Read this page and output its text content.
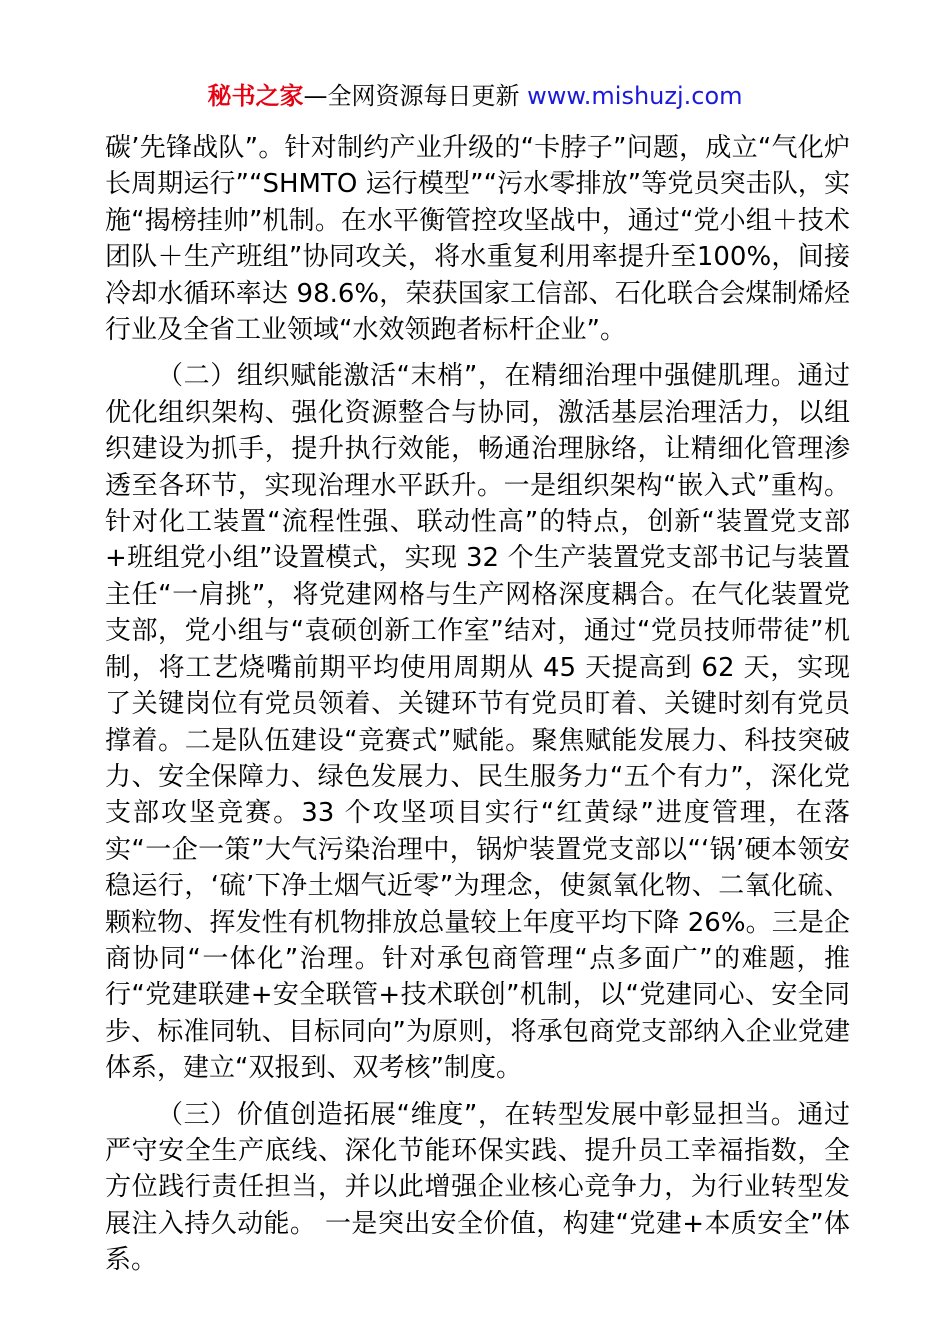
秘书之家—全网资源每日更新 www.mishuzj.com

碳’先锋战队”。针对制约产业升级的“卡脖子”问题，成立“气化炉长周期运行”“SHMTO 运行模型”“污水零排放”等党员突击队，实施“揭榜挂帅”机制。在水平衡管控攻坚战中，通过“党小组＋技术团队＋生产班组”协同攻关，将水重复利用率提升至100%，间接冷却水循环率达 98.6%，荣获国家工信部、石化联合会煤制烯烃行业及全省工业领域“水效领跑者标杆企业”。

（二）组织赋能激活“末梢”，在精细治理中强健肌理。通过优化组织架构、强化资源整合与协同，激活基层治理活力，以组织建设为抓手，提升执行效能，畅通治理脉络，让精细化管理渗透至各环节，实现治理水平跃升。一是组织架构“嵌入式”重构。针对化工装置“流程性强、联动性高”的特点，创新“装置党支部+班组党小组”设置模式，实现 32 个生产装置党支部书记与装置主任“一肩挑”，将党建网格与生产网格深度耦合。在气化装置党支部，党小组与“袁硕创新工作室”结对，通过“党员技师带徒”机制，将工艺烧嘴前期平均使用周期从 45 天提高到 62 天，实现了关键岗位有党员领着、关键环节有党员盯着、关键时刻有党员撑着。二是队伍建设“竞赛式”赋能。聚焦赋能发展力、科技突破力、安全保障力、绿色发展力、民生服务力“五个有力”，深化党支部攻坚竞赛。33 个攻坚项目实行“红黄绿”进度管理，在落实“一企一策”大气污染治理中，锅炉装置党支部以“‘锅’硬本领安稳运行，‘硫’下净土烟气近零”为理念，使氮氧化物、二氧化硫、颗粒物、挥发性有机物排放总量较上年度平均下降 26%。三是企商协同“一体化”治理。针对承包商管理“点多面广”的难题，推行“党建联建+安全联管+技术联创”机制，以“党建同心、安全同步、标准同轨、目标同向”为原则，将承包商党支部纳入企业党建体系，建立“双报到、双考核”制度。

（三）价值创造拓展“维度”，在转型发展中彰显担当。通过严守安全生产底线、深化节能环保实践、提升员工幸福指数，全方位践行责任担当，并以此增强企业核心竞争力，为行业转型发展注入持久动能。 一是突出安全价值，构建“党建+本质安全”体系。
